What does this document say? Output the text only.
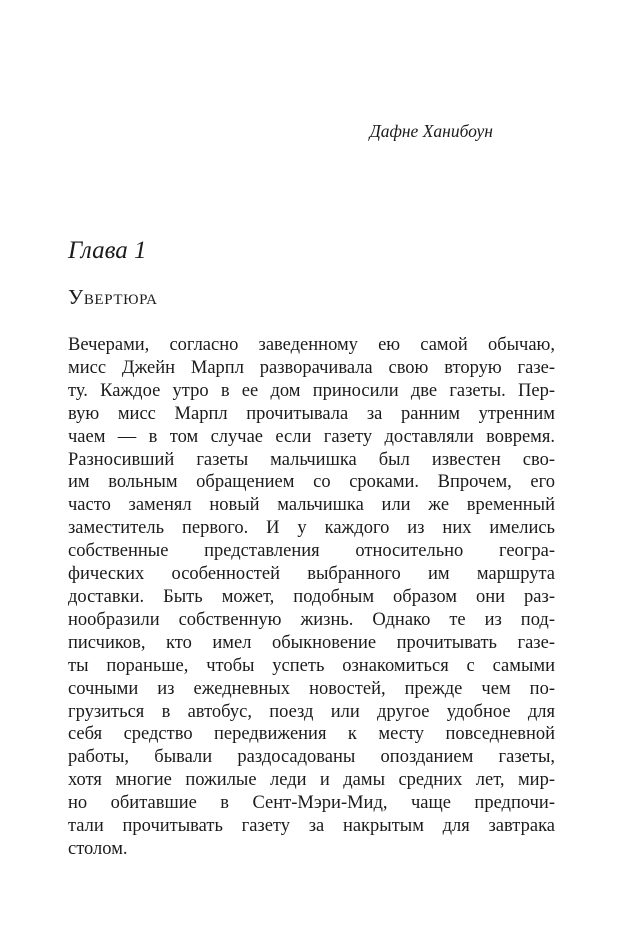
Дафне Ханибоун
Глава 1
Увертюра
Вечерами, согласно заведенному ею самой обычаю,
мисс Джейн Марпл разворачивала свою вторую газе-
ту. Каждое утро в ее дом приносили две газеты. Пер-
вую мисс Марпл прочитывала за ранним утренним
чаем — в том случае если газету доставляли вовремя.
Разносивший газеты мальчишка был известен сво-
им вольным обращением со сроками. Впрочем, его
часто заменял новый мальчишка или же временный
заместитель первого. И у каждого из них имелись
собственные представления относительно геогра-
фических особенностей выбранного им маршрута
доставки. Быть может, подобным образом они раз-
нообразили собственную жизнь. Однако те из под-
писчиков, кто имел обыкновение прочитывать газе-
ты пораньше, чтобы успеть ознакомиться с самыми
сочными из ежедневных новостей, прежде чем по-
грузиться в автобус, поезд или другое удобное для
себя средство передвижения к месту повседневной
работы, бывали раздосадованы опозданием газеты,
хотя многие пожилые леди и дамы средних лет, мир-
но обитавшие в Сент-Мэри-Мид, чаще предпочи-
тали прочитывать газету за накрытым для завтрака
столом.
